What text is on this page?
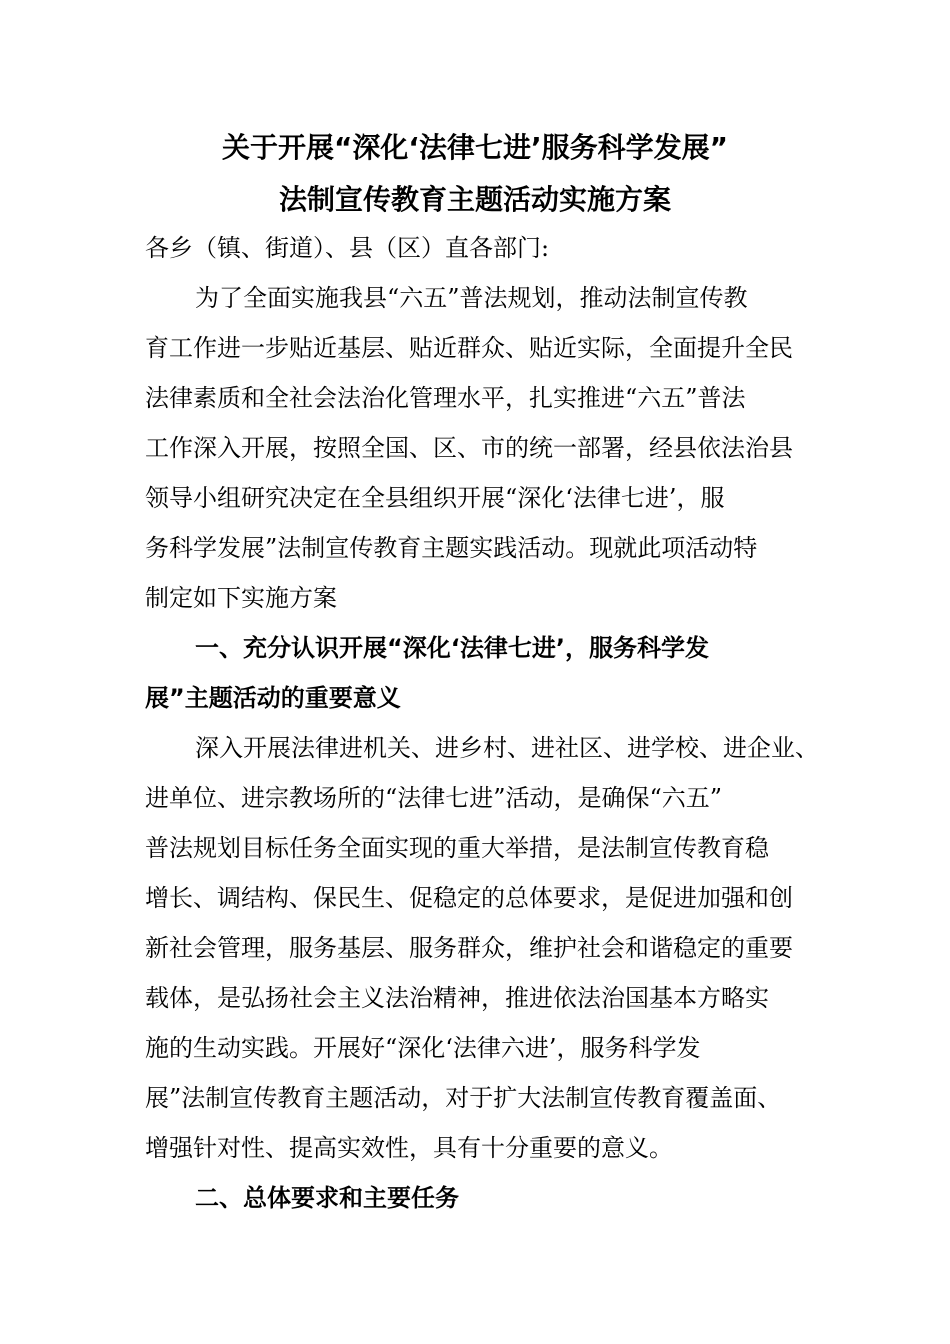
关于开展“深化‘法律七进’服务科学发展”
法制宣传教育主题活动实施方案
各乡（镇、街道）、县（区）直各部门:
为了全面实施我县“六五”普法规划，推动法制宣传教
育工作进一步贴近基层、贴近群众、贴近实际，全面提升全民
法律素质和全社会法治化管理水平，扎实推进“六五”普法
工作深入开展，按照全国、区、市的统一部署，经县依法治县
领导小组研究决定在全县组织开展“深化‘法律七进’，服
务科学发展”法制宣传教育主题实践活动。现就此项活动特
制定如下实施方案
一、充分认识开展“深化‘法律七进’，服务科学发
展”主题活动的重要意义
深入开展法律进机关、进乡村、进社区、进学校、进企业、
进单位、进宗教场所的“法律七进”活动，是确保“六五”
普法规划目标任务全面实现的重大举措，是法制宣传教育稳
增长、调结构、保民生、促稳定的总体要求，是促进加强和创
新社会管理，服务基层、服务群众，维护社会和谐稳定的重要
载体，是弘扬社会主义法治精神，推进依法治国基本方略实
施的生动实践。开展好“深化‘法律六进’，服务科学发
展”法制宣传教育主题活动，对于扩大法制宣传教育覆盖面、
增强针对性、提高实效性，具有十分重要的意义。
二、总体要求和主要任务
